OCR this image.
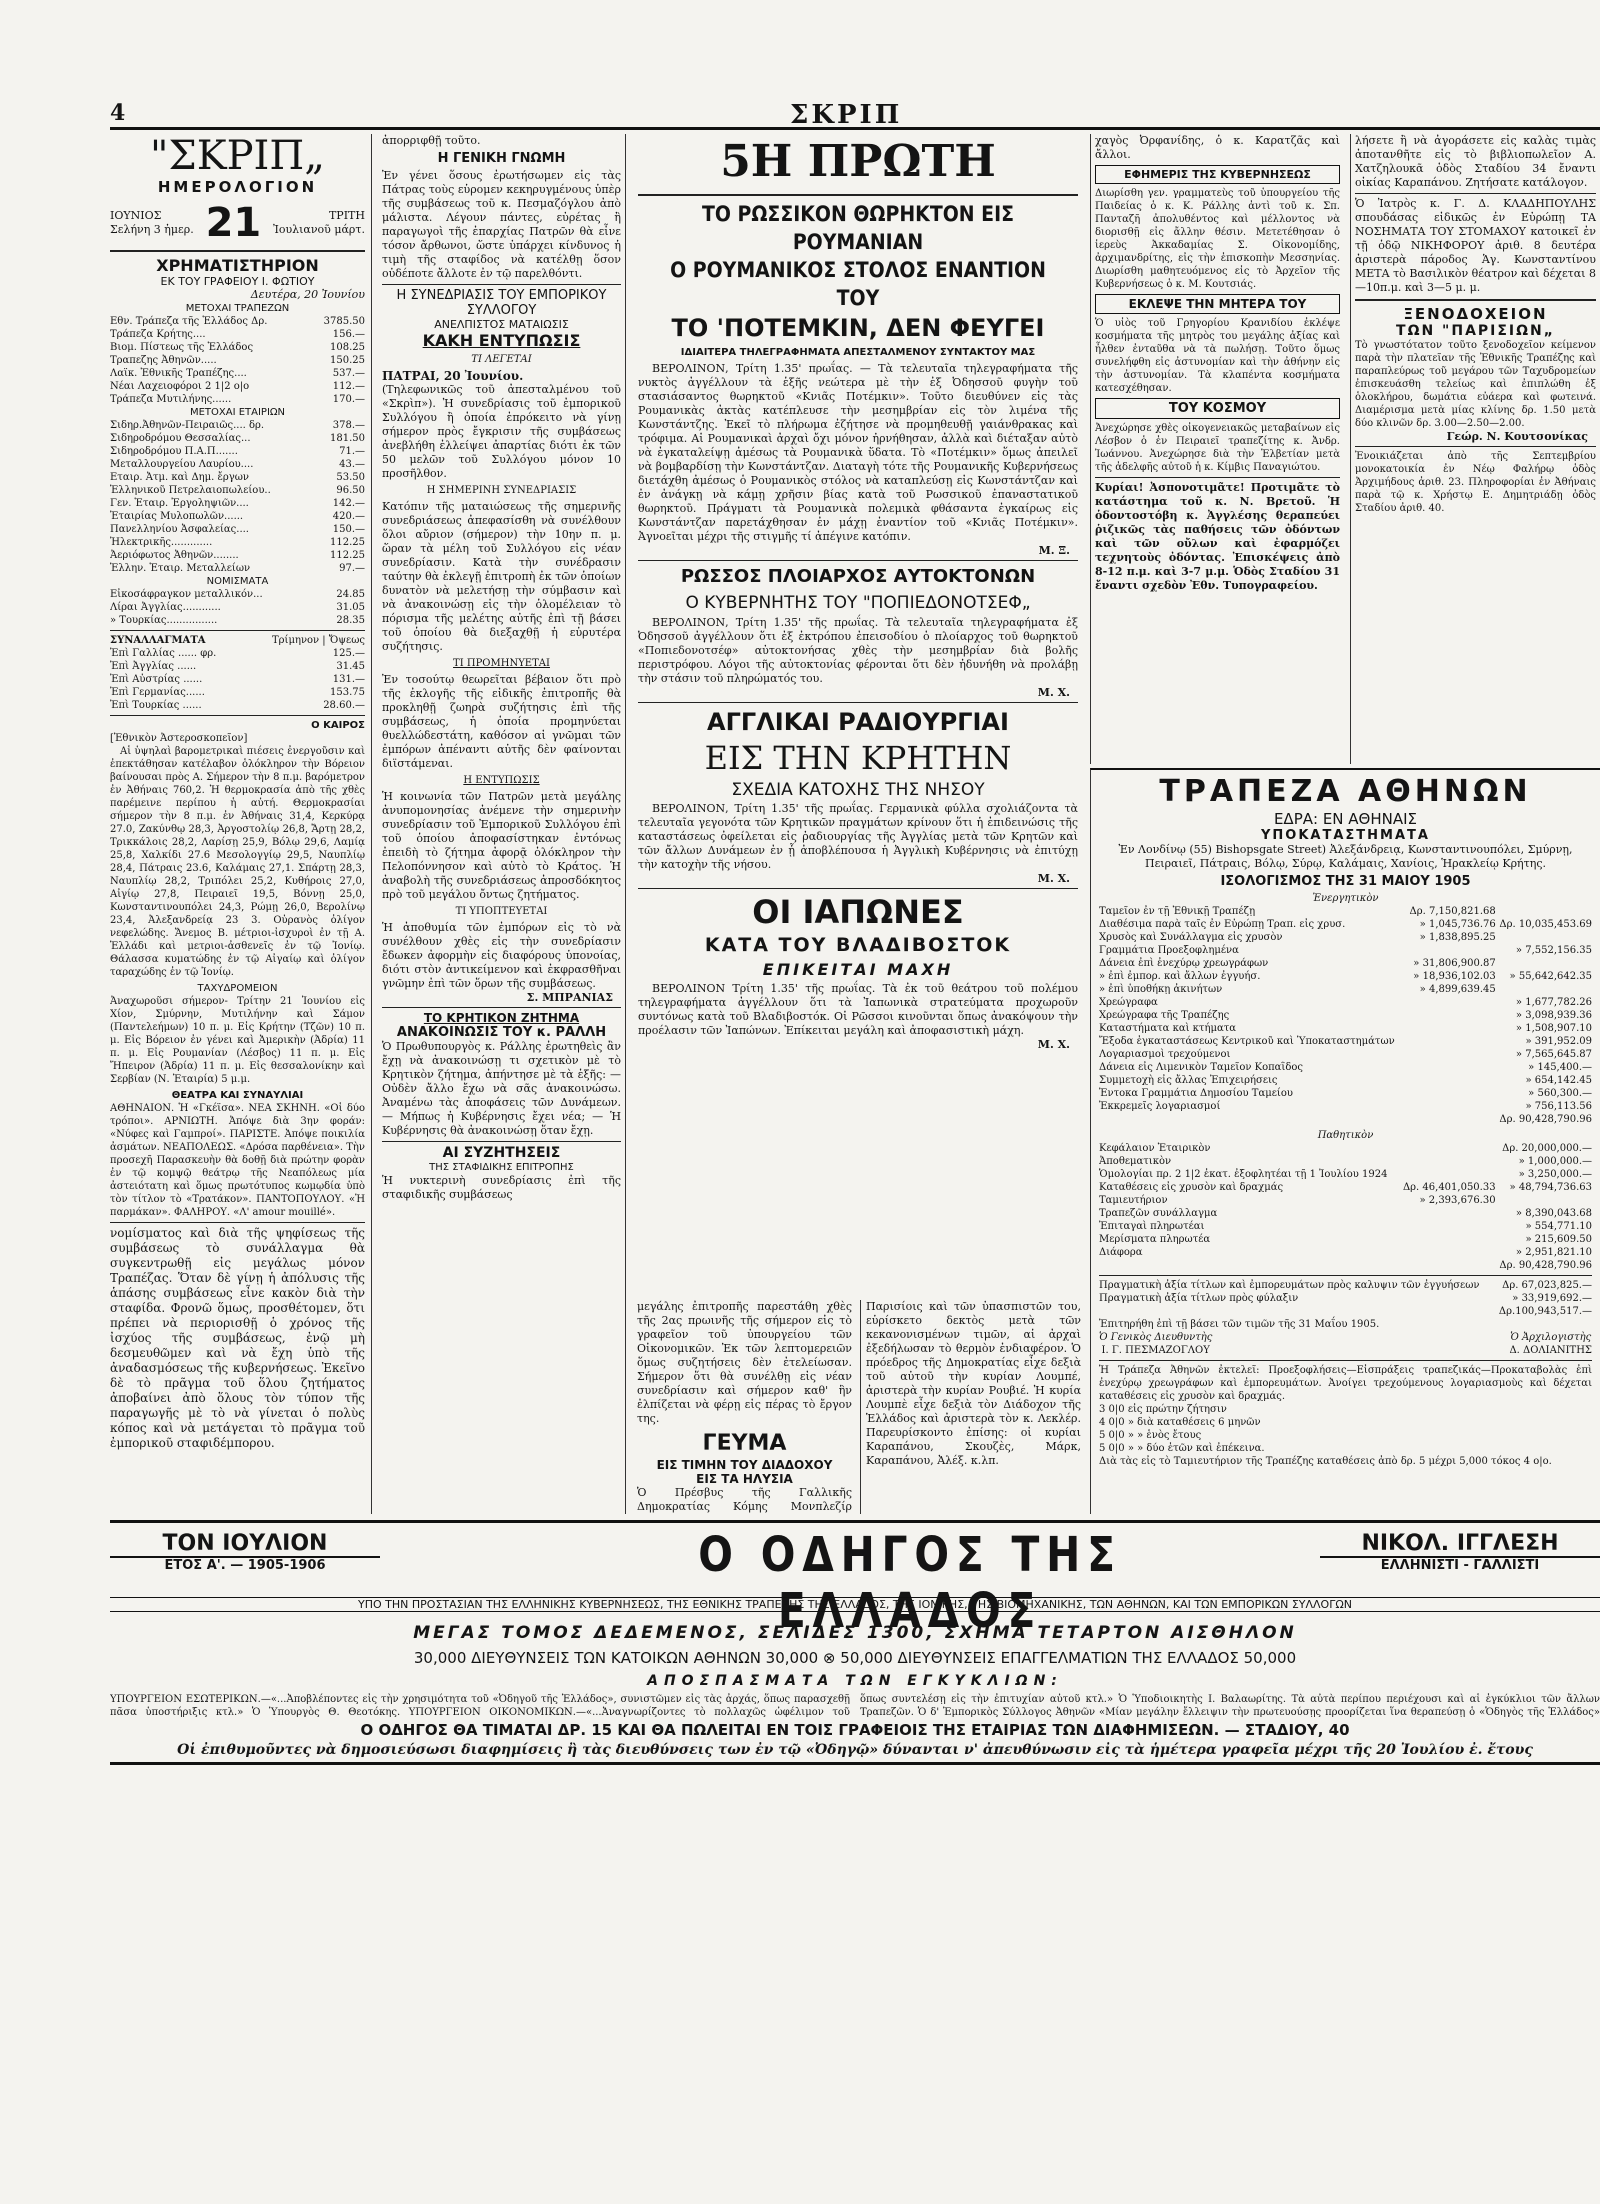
4	ΣΚΡΙΠ
"ΣΚΡΙΠ„
ΗΜΕΡΟΛΟΓΙΟΝ
ΙΟΥΝΙΟΣ
Σελήνη 3 ἡμερ. 21	ΤΡΙΤΗ
Ἰουλιανοῦ μάρτ.
ΧΡΗΜΑΤΙΣΤΗΡΙΟΝ
ΕΚ ΤΟΥ ΓΡΑΦΕΙΟΥ Ι. ΦΩΤΙΟΥ
Δευτέρα, 20 Ἰουνίου
ΜΕΤΟΧΑΙ ΤΡΑΠΕΖΩΝ
Εθν. Τράπεζα τῆς Ἑλλάδος Δρ.	3785.50
Τράπεζα Κρήτης....	156.—
Βιομ. Πίστεως τῆς Ἑλλάδος	108.25
Τραπεζης Ἀθηνῶν.....	150.25
Λαϊκ. Ἐθνικῆς Τραπέζης....	537.—
Νέαι Λαχειοφόροι 2 1|2 ο|ο	112.—
Τράπεζα Μυτιλήνης......	170.—
ΜΕΤΟΧΑΙ ΕΤΑΙΡΙΩΝ
Σιδηρ.Ἀθηνῶν-Πειραιῶς.... δρ.	378.—
Σιδηροδρόμου Θεσσαλίας...	181.50
Σιδηροδρόμου Π.Α.Π.......	71.—
Μεταλλουργείου Λαυρίου....	43.—
Εταιρ. Ἀτμ. καὶ Δημ. ἔργων	53.50
Ἑλληνικοῦ Πετρελαιοπωλείου..	96.50
Γεν. Ἑταιρ. Ἐργοληψιῶν....	142.—
Ἐταιρίας Μυλοπωλῶν......	420.—
Πανελληνίου Ἀσφαλείας....	150.—
Ἠλεκτρικῆς.............	112.25
Ἀεριόφωτος Ἀθηνῶν........	112.25
Ἑλλην. Ἑταιρ. Μεταλλείων	97.—
ΝΟΜΙΣΜΑΤΑ
Εἰκοσάφραγκον μεταλλικόν...	24.85
Λίραι Ἀγγλίας............	31.05
» Τουρκίας................	28.35
ΣΥΝΑΛΛΑΓΜΑΤΑ	Τρίμηνον | Ὄψεως
Ἐπὶ Γαλλίας ...... φρ.	125.—
Ἐπὶ Ἀγγλίας ......	31.45
Ἐπὶ Αὐστρίας ......	131.—
Ἐπὶ Γερμανίας......	153.75
Ἐπὶ Τουρκίας ......	28.60.—
Ο ΚΑΙΡΟΣ
[Ἐθνικὸν Ἀστεροσκοπεῖον]

Αἱ ὑψηλαὶ βαρομετρικαὶ πιέσεις ἐνεργοῦσιν καὶ ἐπεκτάθησαν κατέλαβον ὁλόκληρον τὴν Βόρειον βαίνουσαι πρὸς Α. Σήμερον τὴν 8 π.μ. βαρόμετρον ἐν Ἀθήναις 760,2. Ἡ θερμοκρασία ἀπὸ τῆς χθὲς παρέμεινε περίπου ἡ αὐτή. Θερμοκρασίαι σήμερον τὴν 8 π.μ. ἐν Ἀθήναις 31,4, Κερκύρᾳ 27.0, Ζακύνθῳ 28,3, Ἀργοστολίῳ 26,8, Ἄρτῃ 28,2, Τρικκάλοις 28,2, Λαρίσῃ 25,9, Βόλῳ 29,6, Λαμίᾳ 25,8, Χαλκίδι 27.6 Μεσολογγίῳ 29,5, Ναυπλίῳ 28,4, Πάτραις 23.6, Καλάμαις 27,1. Σπάρτῃ 28,3, Ναυπλίῳ 28,2, Τριπόλει 25,2, Κυθήροις 27,0, Αἰγίῳ 27,8, Πειραιεῖ 19,5, Βόννῃ 25,0, Κωνσταντινουπόλει 24,3, Ρώμῃ 26,0, Βερολίνῳ 23,4, Ἀλεξανδρείᾳ 23 3. Οὐρανὸς ὀλίγον νεφελώδης. Ἄνεμος Β. μέτριοι-ἰσχυροὶ ἐν τῇ Α. Ἑλλάδι καὶ μετριοι-ἀσθενεῖς ἐν τῷ Ἰονίῳ. Θάλασσα κυματώδης ἐν τῷ Αἰγαίῳ καὶ ὀλίγον ταραχώδης ἐν τῷ Ἰονίῳ.

ΤΑΧΥΔΡΟΜΕΙΟΝ

Ἀναχωροῦσι σήμερον- Τρίτην 21 Ἰουνίου εἰς Χίον, Σμύρνην, Μυτιλήνην καὶ Σάμον (Παντελεήμων) 10 π. μ. Εἰς Κρήτην (Τζῶν) 10 π. μ. Εἰς Βόρειον ἐν γένει καὶ Ἀμερικὴν (Ἀδρία) 11 π. μ. Εἰς Ρουμανίαν (Λέσβος) 11 π. μ. Εἰς Ἤπειρον (Ἀδρία) 11 π. μ. Εἰς θεσσαλονίκην καὶ Σερβίαν (Ν. Ἐταιρία) 5 μ.μ.

ΘΕΑΤΡΑ ΚΑΙ ΣΥΝΑΥΛΙΑΙ

ΑΘΗΝΑΙΟΝ. Ἡ «Γκέϊσα». ΝΕΑ ΣΚΗΝΗ. «Οἱ δύο τρόποι». ΑΡΝΙΩΤΗ. Ἀπόψε διὰ 3ην φοράν: «Νύφες καὶ Γαμπροί». ΠΑΡΙΣΤΕ. Ἀπόψε ποικιλία ἀσμάτων. ΝΕΑΠΟΛΕΩΣ. «Δρόσα παρθένεια». Τὴν προσεχῆ Παρασκευὴν θὰ δοθῇ διὰ πρώτην φορὰν ἐν τῷ κομψῷ θεάτρῳ τῆς Νεαπόλεως μία ἀστειότατη καὶ ὅμως πρωτότυπος κωμῳδία ὑπὸ τὸν τίτλον τὸ «Τρατάκον». ΠΑΝΤΟΠΟΥΛΟΥ. «Ἡ παρμάκαν». ΦΑΛΗΡΟΥ. «Λ' amour mouillé».

νομίσματος καὶ διὰ τῆς ψηφίσεως τῆς συμβάσεως τὸ συνάλλαγμα θὰ συγκεντρωθῇ εἰς μεγάλως μόνον Τραπέζας. Ὅταν δὲ γίνῃ ἡ ἀπόλυσις τῆς ἁπάσης συμβάσεως εἶνε κακὸν διὰ τὴν σταφίδα. Φρονῶ ὅμως, προσθέτομεν, ὅτι πρέπει νὰ περιορισθῇ ὁ χρόνος τῆς ἰσχύος τῆς συμβάσεως, ἐνῷ μὴ δεσμευθῶμεν καὶ νὰ ἔχη ὑπὸ τῆς ἀναδασμόσεως τῆς κυβερνήσεως. Ἐκεῖνο δὲ τὸ πρᾶγμα τοῦ ὅλου ζητήματος ἀποβαίνει ἀπὸ ὅλους τὸν τύπον τῆς παραγωγῆς μὲ τὸ νὰ γίνεται ὁ πολὺς κόπος καὶ νὰ μετάγεται τὸ πρᾶγμα τοῦ ἐμπορικοῦ σταφιδέμπορου.

ἀπορριφθῇ τοῦτο.

Η ΓΕΝΙΚΗ ΓΝΩΜΗ

Ἐν γένει ὅσους ἐρωτήσωμεν εἰς τὰς Πάτρας τοὺς εὑρομεν κεκηρυγμένους ὑπὲρ τῆς συμβάσεως τοῦ κ. Πεσμαζόγλου ἀπὸ μάλιστα. Λέγουν πάντες, εὐρέτας ἢ παραγωγοὶ τῆς ἐπαρχίας Πατρῶν θὰ εἶνε τόσον ἄρθωνοι, ὥστε ὑπάρχει κίνδυνος ἡ τιμὴ τῆς σταφίδος νὰ κατέλθῃ ὅσον οὐδέποτε ἄλλοτε ἐν τῷ παρελθόντι.

Η ΣΥΝΕΔΡΙΑΣΙΣ ΤΟΥ ΕΜΠΟΡΙΚΟΥ ΣΥΛΛΟΓΟΥ
ΑΝΕΛΠΙΣΤΟΣ ΜΑΤΑΙΩΣΙΣ
ΚΑΚΗ ΕΝΤΥΠΩΣΙΣ
ΤΙ ΛΕΓΕΤΑΙ
ΠΑΤΡΑΙ, 20 Ἰουνίου.

(Τηλεφωνικῶς τοῦ ἀπεσταλμένου τοῦ «Σκρὶπ»). Ἡ συνεδρίασις τοῦ ἐμπορικοῦ Συλλόγου ἢ ὁποία ἐπρόκειτο νὰ γίνῃ σήμερον πρὸς ἔγκρισιν τῆς συμβάσεως ἀνεβλήθη ἐλλείψει ἀπαρτίας διότι ἐκ τῶν 50 μελῶν τοῦ Συλλόγου μόνον 10 προσῆλθον.

Η ΣΗΜΕΡΙΝΗ ΣΥΝΕΔΡΙΑΣΙΣ

Κατόπιν τῆς ματαιώσεως τῆς σημερινῆς συνεδριάσεως ἀπεφασίσθη νὰ συνέλθουν ὅλοι αὔριον (σήμερον) τὴν 10ην π. μ. ὥραν τὰ μέλη τοῦ Συλλόγου εἰς νέαν συνεδρίασιν. Κατὰ τὴν συνέδρασιν ταύτην θὰ ἐκλεγῇ ἐπιτροπὴ ἐκ τῶν ὁποίων δυνατὸν νὰ μελετήσῃ τὴν σύμβασιν καὶ νὰ ἀνακοινώσῃ εἰς τὴν ὁλομέλειαν τὸ πόρισμα τῆς μελέτης αὐτῆς ἐπὶ τῇ βάσει τοῦ ὁποίου θὰ διεξαχθῇ ἡ εὐρυτέρα συζήτησις.

ΤΙ ΠΡΟΜΗΝΥΕΤΑΙ

Ἐν τοσούτῳ θεωρεῖται βέβαιον ὅτι πρὸ τῆς ἐκλογῆς τῆς εἰδικῆς ἐπιτροπῆς θὰ προκληθῇ ζωηρὰ συζήτησις ἐπὶ τῆς συμβάσεως, ἡ ὁποία προμηνύεται θυελλώδεστάτη, καθόσον αἱ γνῶμαι τῶν ἐμπόρων ἀπέναντι αὐτῆς δὲν φαίνονται διϊστάμεναι.

Η ΕΝΤΥΠΩΣΙΣ

Ἡ κοινωνία τῶν Πατρῶν μετὰ μεγάλης ἀνυπομονησίας ἀνέμενε τὴν σημερινὴν συνεδρίασιν τοῦ Ἐμπορικοῦ Συλλόγου ἐπὶ τοῦ ὁποίου ἀποφασίστηκαν ἐντόνως ἐπειδὴ τὸ ζήτημα ἀφορᾷ ὁλόκληρον τὴν Πελοπόννησον καὶ αὐτὸ τὸ Κράτος. Ἡ ἀναβολὴ τῆς συνεδριάσεως ἀπροσδόκητος πρὸ τοῦ μεγάλου ὄντως ζητήματος.

ΤΙ ΥΠΟΠΤΕΥΕΤΑΙ

Ἡ ἀποθυμία τῶν ἐμπόρων εἰς τὸ νὰ συνέλθουν χθὲς εἰς τὴν συνεδρίασιν ἔδωκεν ἀφορμὴν εἰς διαφόρους ὑπονοίας, διότι στὸν ἀντικείμενον καὶ ἐκφρασθῆναι γνῶμην ἐπὶ τῶν ὅρων τῆς συμβάσεως.

Σ. ΜΠΡΑΝΙΑΣ
ΤΟ ΚΡΗΤΙΚΟΝ ΖΗΤΗΜΑ
ΑΝΑΚΟΙΝΩΣΙΣ ΤΟΥ κ. ΡΑΛΛΗ

Ὁ Πρωθυπουργὸς κ. Ράλλης ἐρωτηθεὶς ἂν ἔχῃ νὰ ἀνακοινώσῃ τι σχετικὸν μὲ τὸ Κρητικὸν ζήτημα, ἀπήντησε μὲ τὰ ἑξῆς: — Οὐδὲν ἄλλο ἔχω νὰ σᾶς ἀνακοινώσω. Ἀναμένω τὰς ἀποφάσεις τῶν Δυνάμεων. — Μήπως ἡ Κυβέρνησις ἔχει νέα; — Ἡ Κυβέρνησις θὰ ἀνακοινώσῃ ὅταν ἔχῃ.

ΑΙ ΣΥΖΗΤΗΣΕΙΣ
ΤΗΣ ΣΤΑΦΙΔΙΚΗΣ ΕΠΙΤΡΟΠΗΣ

Ἡ νυκτερινὴ συνεδρίασις ἐπὶ τῆς σταφιδικῆς συμβάσεως

5Η ΠΡΩΤΗ
ΤΟ ΡΩΣΣΙΚΟΝ ΘΩΡΗΚΤΟΝ ΕΙΣ ΡΟΥΜΑΝΙΑΝ
Ο ΡΟΥΜΑΝΙΚΟΣ ΣΤΟΛΟΣ ΕΝΑΝΤΙΟΝ ΤΟΥ
ΤΟ 'ΠΟΤΕΜΚΙΝ, ΔΕΝ ΦΕΥΓΕΙ
ΙΔΙΑΙΤΕΡΑ ΤΗΛΕΓΡΑΦΗΜΑΤΑ ΑΠΕΣΤΑΛΜΕΝΟΥ ΣΥΝΤΑΚΤΟΥ ΜΑΣ

ΒΕΡΟΛΙΝΟΝ, Τρίτη 1.35' πρωΐας. — Τὰ τελευταῖα τηλεγραφήματα τῆς νυκτὸς ἀγγέλλουν τὰ ἑξῆς νεώτερα μὲ τὴν ἐξ Ὀδησσοῦ φυγὴν τοῦ στασιάσαντος θωρηκτοῦ «Κνιᾶς Ποτέμκιν». Τοῦτο διευθύνεν εἰς τὰς Ρουμανικὰς ἀκτὰς κατέπλευσε τὴν μεσημβρίαν εἰς τὸν λιμένα τῆς Κωνστάντζης. Ἐκεῖ τὸ πλήρωμα ἐζήτησε νὰ προμηθευθῇ γαιάνθρακας καὶ τρόφιμα. Αἱ Ρουμανικαὶ ἀρχαὶ ὄχι μόνον ἠρνήθησαν, ἀλλὰ καὶ διέταξαν αὐτὸ νὰ ἐγκαταλείψῃ ἀμέσως τὰ Ρουμανικὰ ὕδατα. Τὸ «Ποτέμκιν» ὅμως ἀπειλεῖ νὰ βομβαρδίσῃ τὴν Κωνστάντζαν. Διαταγὴ τότε τῆς Ρουμανικῆς Κυβερνήσεως διετάχθη ἀμέσως ὁ Ρουμανικὸς στόλος νὰ καταπλεύσῃ εἰς Κωνστάντζαν καὶ ἐν ἀνάγκῃ νὰ κάμῃ χρῆσιν βίας κατὰ τοῦ Ρωσσικοῦ ἐπαναστατικοῦ θωρηκτοῦ. Πράγματι τὰ Ρουμανικὰ πολεμικὰ φθάσαντα ἐγκαίρως εἰς Κωνστάντζαν παρετάχθησαν ἐν μάχῃ ἐναντίον τοῦ «Κνιᾶς Ποτέμκιν». Ἀγνοεῖται μέχρι τῆς στιγμῆς τί ἀπέγινε κατόπιν.

Μ. Ξ.
ΡΩΣΣΟΣ ΠΛΟΙΑΡΧΟΣ ΑΥΤΟΚΤΟΝΩΝ
Ο ΚΥΒΕΡΝΗΤΗΣ ΤΟΥ "ΠΟΠΙΕΔΟΝΟΤΣΕΦ„

ΒΕΡΟΛΙΝΟΝ, Τρίτη 1.35' τῆς πρωΐας. Τὰ τελευταῖα τηλεγραφήματα ἐξ Ὀδησσοῦ ἀγγέλλουν ὅτι ἐξ ἐκτρόπου ἐπεισοδίου ὁ πλοίαρχος τοῦ θωρηκτοῦ «Ποπιεδονοτσέφ» αὐτοκτονήσας χθὲς τὴν μεσημβρίαν διὰ βολῆς περιστρόφου. Λόγοι τῆς αὐτοκτονίας φέρονται ὅτι δὲν ἠδυνήθη νὰ προλάβῃ τὴν στάσιν τοῦ πληρώματός του.

Μ. Χ.
ΑΓΓΛΙΚΑΙ ΡΑΔΙΟΥΡΓΙΑΙ
ΕΙΣ ΤΗΝ ΚΡΗΤΗΝ
ΣΧΕΔΙΑ ΚΑΤΟΧΗΣ ΤΗΣ ΝΗΣΟΥ

ΒΕΡΟΛΙΝΟΝ, Τρίτη 1.35' τῆς πρωΐας. Γερμανικὰ φύλλα σχολιάζοντα τὰ τελευταῖα γεγονότα τῶν Κρητικῶν πραγμάτων κρίνουν ὅτι ἡ ἐπιδεινώσις τῆς καταστάσεως ὀφείλεται εἰς ῥαδιουργίας τῆς Ἀγγλίας μετὰ τῶν Κρητῶν καὶ τῶν ἄλλων Δυνάμεων ἐν ᾗ ἀποβλέπουσα ἡ Ἀγγλικὴ Κυβέρνησις νὰ ἐπιτύχῃ τὴν κατοχὴν τῆς νήσου.

Μ. Χ.
ΟΙ ΙΑΠΩΝΕΣ
ΚΑΤΑ ΤΟΥ ΒΛΑΔΙΒΟΣΤΟΚ
ΕΠΙΚΕΙΤΑΙ ΜΑΧΗ

ΒΕΡΟΛΙΝΟΝ Τρίτη 1.35' τῆς πρωΐας. Τὰ ἐκ τοῦ θεάτρου τοῦ πολέμου τηλεγραφήματα ἀγγέλλουν ὅτι τὰ Ἰαπωνικὰ στρατεύματα προχωροῦν συντόνως κατὰ τοῦ Βλαδιβοστόκ. Οἱ Ρῶσσοι κινοῦνται ὅπως ἀνακόψουν τὴν προέλασιν τῶν Ἰαπώνων. Ἐπίκειται μεγάλη καὶ ἀποφασιστικὴ μάχη.

Μ. Χ.

μεγάλης ἐπιτροπῆς παρεστάθη χθὲς τῆς 2ας πρωινῆς τῆς σήμερον εἰς τὸ γραφεῖον τοῦ ὑπουργείου τῶν Οἰκονομικῶν. Ἐκ τῶν λεπτομερειῶν ὅμως συζητήσεις δὲν ἐτελείωσαν. Σήμερον ὅτι θὰ συνέλθῃ εἰς νέαν συνεδρίασιν καὶ σήμερον καθ' ἣν ἐλπίζεται νὰ φέρῃ εἰς πέρας τὸ ἔργον της.

ΓΕΥΜΑ
ΕΙΣ ΤΙΜΗΝ ΤΟΥ ΔΙΑΔΟΧΟΥ
ΕΙΣ ΤΑ ΗΛΥΣΙΑ

Ὁ Πρέσβυς τῆς Γαλλικῆς Δημοκρατίας Κόμης Μονπλεζίρ

Παρισίοις καὶ τῶν ὑπασπιστῶν του, εὑρίσκετο δεκτὸς μετὰ τῶν κεκανονισμένων τιμῶν, αἱ ἀρχαὶ ἐξεδήλωσαν τὸ θερμὸν ἐνδιαφέρον. Ὁ πρόεδρος τῆς Δημοκρατίας εἶχε δεξιὰ τοῦ αὐτοῦ τὴν κυρίαν Λουμπέ, ἀριστερὰ τὴν κυρίαν Ρουβιέ. Ἡ κυρία Λουμπὲ εἶχε δεξιὰ τὸν Διάδοχον τῆς Ἑλλάδος καὶ ἀριστερὰ τὸν κ. Λεκλέρ. Παρευρίσκοντο ἐπίσης: οἱ κυρίαι Καραπάνου, Σκουζὲς, Μάρκ, Καραπάνου, Ἀλέξ. κ.λπ.

χαγὸς Ὀρφανίδης, ὁ κ. Καρατζᾶς καὶ ἄλλοι.

ΕΦΗΜΕΡΙΣ ΤΗΣ ΚΥΒΕΡΝΗΣΕΩΣ

Διωρίσθη γεν. γραμματεὺς τοῦ ὑπουργείου τῆς Παιδείας ὁ κ. Κ. Ράλλης ἀντὶ τοῦ κ. Σπ. Πανταζῆ ἀπολυθέντος καὶ μέλλοντος νὰ διορισθῇ εἰς ἄλλην θέσιν. Μετετέθησαν ὁ ἱερεὺς Ἀκκαδαμίας Σ. Οἰκονομίδης, ἀρχιμανδρίτης, εἰς τὴν ἐπισκοπὴν Μεσσηνίας. Διωρίσθη μαθητευόμενος εἰς τὸ Ἀρχεῖον τῆς Κυβερνήσεως ὁ κ. Μ. Κουτσιάς.

ΕΚΛΕΨΕ ΤΗΝ ΜΗΤΕΡΑ ΤΟΥ

Ὁ υἱὸς τοῦ Γρηγορίου Κρανιδίου ἐκλέψε κοσμήματα τῆς μητρὸς του μεγάλης ἀξίας καὶ ἦλθεν ἐνταῦθα νὰ τὰ πωλήσῃ. Τοῦτο ὅμως συνελήφθη εἰς ἀστυνομίαν καὶ τὴν ἀθήνην εἰς τὴν ἀστυνομίαν. Τὰ κλαπέντα κοσμήματα κατεσχέθησαν.

ΤΟΥ ΚΟΣΜΟΥ

Ἀνεχώρησε χθὲς οἰκογενειακῶς μεταβαίνων εἰς Λέσβον ὁ ἐν Πειραιεῖ τραπεζίτης κ. Ἀνδρ. Ἰωάννου. Ἀνεχώρησε διὰ τὴν Ἑλβετίαν μετὰ τῆς ἀδελφῆς αὐτοῦ ἡ κ. Κίμβις Παναγιώτου.

Κυρίαι! Ἀσπονοτιμᾶτε! Προτιμᾶτε τὸ κατάστημα τοῦ κ. Ν. Βρετοῦ. Ἡ ὁδοντοστόβη κ. Ἀγγλέσης θεραπεύει ῥιζικῶς τὰς παθήσεις τῶν ὀδόντων καὶ τῶν οὔλων καὶ ἐφαρμόζει τεχνητοὺς ὀδόντας. Ἐπισκέψεις ἀπὸ 8-12 π.μ. καὶ 3-7 μ.μ. Ὁδὸς Σταδίου 31 ἔναντι σχεδὸν Ἐθν. Τυπογραφείου.

λήσετε ἢ νὰ ἀγοράσετε εἰς καλὰς τιμὰς ἀποτανθῆτε εἰς τὸ βιβλιοπωλεῖον Α. Χατζηλουκᾶ ὁδὸς Σταδίου 34 ἔναντι οἰκίας Καραπάνου. Ζητήσατε κατάλογον.

Ὁ Ἰατρὸς κ. Γ. Δ. ΚΛΑΔΗΠΟΥΛΗΣ σπουδάσας εἰδικῶς ἐν Εὐρώπῃ ΤΑ ΝΟΣΗΜΑΤΑ ΤΟΥ ΣΤΟΜΑΧΟΥ κατοικεῖ ἐν τῇ ὁδῷ ΝΙΚΗΦΟΡΟΥ ἀριθ. 8 δευτέρα ἀριστερὰ πάροδος Ἁγ. Κωνσταντίνου ΜΕΤΑ τὸ Βασιλικὸν θέατρον καὶ δέχεται 8—10π.μ. καὶ 3—5 μ. μ.

ΞΕΝΟΔΟΧΕΙΟΝ
ΤΩΝ "ΠΑΡΙΣΙΩΝ„

Τὸ γνωστότατον τοῦτο ξενοδοχεῖον κείμενον παρὰ τὴν πλατεῖαν τῆς Ἐθνικῆς Τραπέζης καὶ παραπλεύρως τοῦ μεγάρου τῶν Ταχυδρομείων ἐπισκευάσθη τελείως καὶ ἐπιπλώθη ἐξ ὁλοκλήρου, δωμάτια εὐάερα καὶ φωτεινά. Διαμέρισμα μετὰ μίας κλίνης δρ. 1.50 μετὰ δύο κλινῶν δρ. 3.00—2.50—2.00.

Γεώρ. Ν. Κουτσονίκας

Ἐνοικιάζεται ἀπὸ τῆς Σεπτεμβρίου μονοκατοικία ἐν Νέῳ Φαλήρῳ ὁδὸς Ἀρχιμήδους ἀριθ. 23. Πληροφορίαι ἐν Ἀθήναις παρὰ τῷ κ. Χρήστῳ Ε. Δημητριάδῃ ὁδὸς Σταδίου ἀριθ. 40.

ΤΡΑΠΕΖΑ ΑΘΗΝΩΝ
ΕΔΡΑ: ΕΝ ΑΘΗΝΑΙΣ
ΥΠΟΚΑΤΑΣΤΗΜΑΤΑ

Ἐν Λονδίνῳ (55) Bishopsgate Street) Ἀλεξάνδρειᾳ, Κωνσταντινουπόλει, Σμύρνῃ, Πειραιεῖ, Πάτραις, Βόλῳ, Σύρῳ, Καλάμαις, Χανίοις, Ἡρακλείῳ Κρήτης.

ΙΣΟΛΟΓΙΣΜΟΣ ΤΗΣ 31 ΜΑΙΟΥ 1905
Ἐνεργητικὸν
Ταμεῖον ἐν τῇ Ἐθνικῇ Τραπέζῃ	Δρ. 7,150,821.68	
Διαθέσιμα παρὰ ταῖς ἐν Εὐρώπῃ Τραπ. εἰς χρυσ.	» 1,045,736.76	Δρ. 10,035,453.69
Χρυσὸς καὶ Συνάλλαγμα εἰς χρυσὸν	» 1,838,895.25	
Γραμμάτια Προεξοφλημένα		» 7,552,156.35
Δάνεια ἐπὶ ἐνεχύρῳ χρεωγράφων	» 31,806,900.87	
» ἐπὶ ἐμπορ. καὶ ἄλλων ἐγγυήσ.	» 18,936,102.03	» 55,642,642.35
» ἐπὶ ὑποθήκῃ ἀκινήτων	» 4,899,639.45	
Χρεώγραφα		» 1,677,782.26
Χρεώγραφα τῆς Τραπέζης		» 3,098,939.36
Καταστήματα καὶ κτήματα		» 1,508,907.10
Ἔξοδα ἐγκαταστάσεως Κεντρικοῦ καὶ Ὑποκαταστημάτων		» 391,952.09
Λογαριασμοὶ τρεχούμενοι		» 7,565,645.87
Δάνεια εἰς Λιμενικὸν Ταμεῖον Κοπαΐδος		» 145,400.—
Συμμετοχὴ εἰς ἄλλας Ἐπιχειρήσεις		» 654,142.45
Ἐντοκα Γραμμάτια Δημοσίου Ταμείου		» 560,300.—
Ἐκκρεμεῖς λογαριασμοί		» 756,113.56
		Δρ. 90,428,790.96
Παθητικὸν
Κεφάλαιον Ἑταιρικὸν		Δρ. 20,000,000.—
Ἀποθεματικὸν		» 1,000,000.—
Ὁμολογίαι πρ. 2 1|2 ἐκατ. ἐξοφλητέαι τῇ 1 Ἰουλίου 1924		» 3,250,000.—
Καταθέσεις εἰς χρυσὸν καὶ δραχμάς	Δρ. 46,401,050.33	» 48,794,736.63
Ταμιευτήριον	» 2,393,676.30	
Τραπεζῶν συνάλλαγμα		» 8,390,043.68
Ἐπιταγαὶ πληρωτέαι		» 554,771.10
Μερίσματα πληρωτέα		» 215,609.50
Διάφορα		» 2,951,821.10
		Δρ. 90,428,790.96
Πραγματικὴ ἀξία τίτλων καὶ ἐμπορευμάτων πρὸς καλυψιν τῶν ἐγγυήσεων	Δρ. 67,023,825.—
Πραγματικὴ ἀξία τίτλων πρὸς φύλαξιν	» 33,919,692.—
	Δρ.100,943,517.—

Ἐπιτηρήθη ἐπὶ τῇ βάσει τῶν τιμῶν τῆς 31 Μαΐου 1905.

Ὁ Γενικὸς Διευθυντὴς
Ι. Γ. ΠΕΣΜΑΖΟΓΛΟΥ
Ὁ Ἀρχιλογιστὴς
Δ. ΔΟΛΙΑΝΙΤΗΣ

Ἡ Τράπεζα Ἀθηνῶν ἐκτελεῖ: Προεξοφλήσεις—Εἰσπράξεις τραπεζικάς—Προκαταβολὰς ἐπὶ ἐνεχύρῳ χρεωγράφων καὶ ἐμπορευμάτων. Ἀνοίγει τρεχούμενους λογαριασμοὺς καὶ δέχεται καταθέσεις εἰς χρυσὸν καὶ δραχμάς.

3 0|0 εἰς πρώτην ζήτησιν	
4 0|0 » διὰ καταθέσεις 6 μηνῶν	
5 0|0 » » ἑνὸς ἔτους	
5 0|0 » » δύο ἐτῶν καὶ ἐπέκεινα.	

Διὰ τὰς εἰς τὸ Ταμιευτήριον τῆς Τραπέζης καταθέσεις ἀπὸ δρ. 5 μέχρι 5,000 τόκος 4 ο|ο.

ΤΟΝ ΙΟΥΛΙΟΝ
ΕΤΟΣ Α'. — 1905-1906	Ο ΟΔΗΓΟΣ ΤΗΣ ΕΛΛΑΔΟΣ
ΝΙΚΟΛ. ΙΓΓΛΕΣΗ
ΕΛΛΗΝΙΣΤΙ - ΓΑΛΛΙΣΤΙ
ΥΠΟ ΤΗΝ ΠΡΟΣΤΑΣΙΑΝ ΤΗΣ ΕΛΛΗΝΙΚΗΣ ΚΥΒΕΡΝΗΣΕΩΣ, ΤΗΣ ΕΘΝΙΚΗΣ ΤΡΑΠΕΖΗΣ ΤΗΣ ΕΛΛΑΔΟΣ, ΤΗΣ ΙΟΝΙΚΗΣ, ΤΗΣ ΒΙΟΜΗΧΑΝΙΚΗΣ, ΤΩΝ ΑΘΗΝΩΝ, ΚΑΙ ΤΩΝ ΕΜΠΟΡΙΚΩΝ ΣΥΛΛΟΓΩΝ
ΜΕΓΑΣ ΤΟΜΟΣ ΔΕΔΕΜΕΝΟΣ, ΣΕΛΙΔΕΣ 1300, ΣΧΗΜΑ ΤΕΤΑΡΤΟΝ ΑΙΣΘΗΛΟΝ
30,000 ΔΙΕΥΘΥΝΣΕΙΣ ΤΩΝ ΚΑΤΟΙΚΩΝ ΑΘΗΝΩΝ 30,000 ⊗ 50,000 ΔΙΕΥΘΥΝΣΕΙΣ ΕΠΑΓΓΕΛΜΑΤΙΩΝ ΤΗΣ ΕΛΛΑΔΟΣ 50,000
ΑΠΟΣΠΑΣΜΑΤΑ ΤΩΝ ΕΓΚΥΚΛΙΩΝ:

ΥΠΟΥΡΓΕΙΟΝ ΕΣΩΤΕΡΙΚΩΝ.—«...Ἀποβλέποντες εἰς τὴν χρησιμότητα τοῦ «Ὀδηγοῦ τῆς Ἑλλάδος», συνιστῶμεν εἰς τὰς ἀρχάς, ὅπως παρασχεθῇ πᾶσα ὑποστήριξις κτλ.» Ὁ Ὑπουργὸς Θ. Θεοτόκης. ΥΠΟΥΡΓΕΙΟΝ ΟΙΚΟΝΟΜΙΚΩΝ.—«...Ἀναγνωρίζοντες τὸ πολλαχῶς ὠφέλιμον τοῦ

ὅπως συντελέσῃ εἰς τὴν ἐπιτυχίαν αὐτοῦ κτλ.» Ὁ Ὑποδιοικητὴς Ι. Βαλαωρίτης. Τὰ αὐτὰ περίπου περιέχουσι καὶ αἱ ἐγκύκλιοι τῶν ἄλλων Τραπεζῶν. Ὁ δ' Ἐμπορικὸς Σύλλογος Ἀθηνῶν «Μίαν μεγάλην ἔλλειψιν τὴν πρωτευούσῃς προορίζεται ἵνα θεραπεύσῃ ὁ «Ὁδηγὸς τῆς Ἑλλάδος»

Ο ΟΔΗΓΟΣ ΘΑ ΤΙΜΑΤΑΙ ΔΡ. 15 ΚΑΙ ΘΑ ΠΩΛΕΙΤΑΙ ΕΝ ΤΟΙΣ ΓΡΑΦΕΙΟΙΣ ΤΗΣ ΕΤΑΙΡΙΑΣ ΤΩΝ ΔΙΑΦΗΜΙΣΕΩΝ. — ΣΤΑΔΙΟΥ, 40
Οἱ ἐπιθυμοῦντες νὰ δημοσιεύσωσι διαφημίσεις ἢ τὰς διευθύνσεις των ἐν τῷ «Ὀδηγῷ» δύνανται ν' ἀπευθύνωσιν εἰς τὰ ἡμέτερα γραφεῖα μέχρι τῆς 20 Ἰουλίου ἐ. ἔτους
